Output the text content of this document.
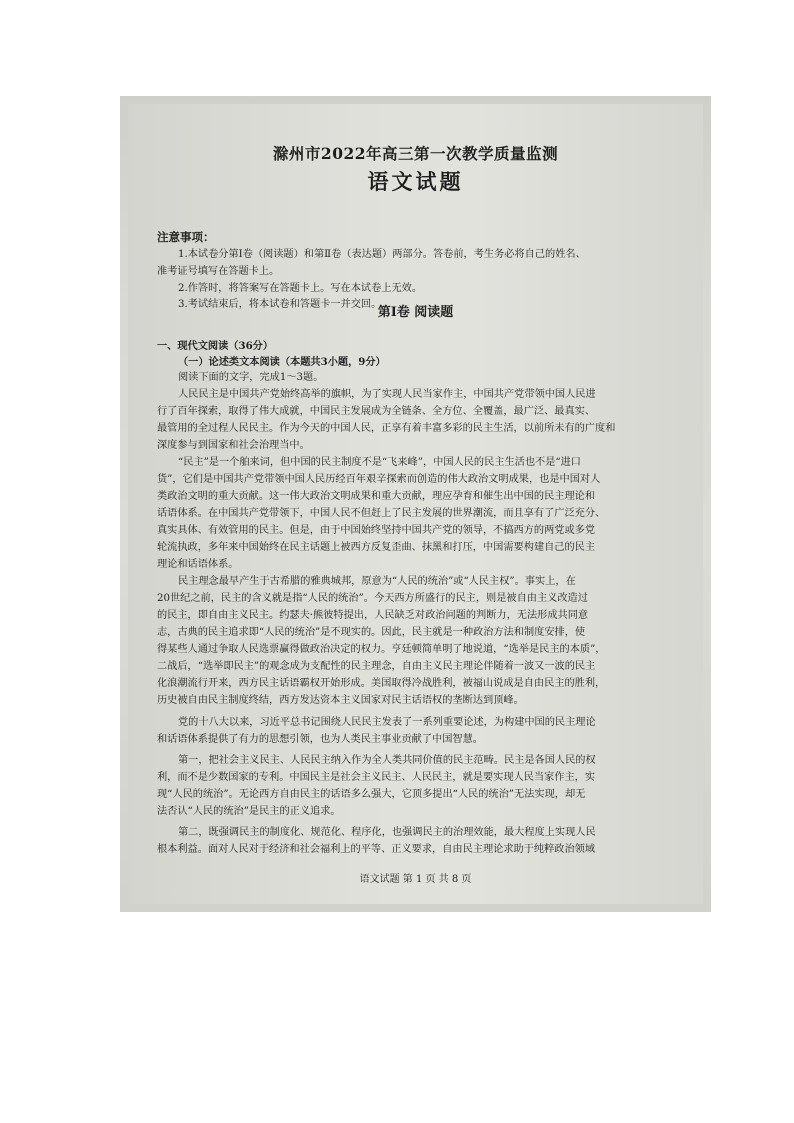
滁州市2022年高三第一次教学质量监测
语文试题
注意事项：
1.本试卷分第Ⅰ卷（阅读题）和第Ⅱ卷（表达题）两部分。答卷前，考生务必将自己的姓名、
准考证号填写在答题卡上。
2.作答时，将答案写在答题卡上。写在本试卷上无效。
3.考试结束后，将本试卷和答题卡一并交回。
第Ⅰ卷 阅读题
一、现代文阅读（36分）
（一）论述类文本阅读（本题共3小题，9分）
阅读下面的文字，完成1～3题。
人民民主是中国共产党始终高举的旗帜，为了实现人民当家作主，中国共产党带领中国人民进
行了百年探索，取得了伟大成就，中国民主发展成为全链条、全方位、全覆盖，最广泛、最真实、
最管用的全过程人民民主。作为今天的中国人民，正享有着丰富多彩的民主生活，以前所未有的广度和
深度参与到国家和社会治理当中。
“民主”是一个舶来词，但中国的民主制度不是“飞来峰”，中国人民的民主生活也不是“进口
货”，它们是中国共产党带领中国人民历经百年艰辛探索而创造的伟大政治文明成果，也是中国对人
类政治文明的重大贡献。这一伟大政治文明成果和重大贡献，理应孕育和催生出中国的民主理论和
话语体系。在中国共产党带领下，中国人民不但赶上了民主发展的世界潮流，而且享有了广泛充分、
真实具体、有效管用的民主。但是，由于中国始终坚持中国共产党的领导，不搞西方的两党或多党
轮流执政，多年来中国始终在民主话题上被西方反复歪曲、抹黑和打压，中国需要构建自己的民主
理论和话语体系。
民主理念最早产生于古希腊的雅典城邦，原意为“人民的统治”或“人民主权”。事实上，在
20世纪之前，民主的含义就是指“人民的统治”。今天西方所盛行的民主，则是被自由主义改造过
的民主，即自由主义民主。约瑟夫·熊彼特提出，人民缺乏对政治问题的判断力，无法形成共同意
志，古典的民主追求即“人民的统治”是不现实的。因此，民主就是一种政治方法和制度安排，使
得某些人通过争取人民选票赢得做政治决定的权力。亨廷顿简单明了地说道，“选举是民主的本质”，
二战后，“选举即民主”的观念成为支配性的民主理念，自由主义民主理论伴随着一波又一波的民主
化浪潮流行开来，西方民主话语霸权开始形成。美国取得冷战胜利，被福山说成是自由民主的胜利，
历史被自由民主制度终结，西方发达资本主义国家对民主话语权的垄断达到顶峰。
党的十八大以来，习近平总书记围绕人民民主发表了一系列重要论述，为构建中国的民主理论
和话语体系提供了有力的思想引领，也为人类民主事业贡献了中国智慧。
第一，把社会主义民主、人民民主纳入作为全人类共同价值的民主范畴。民主是各国人民的权
利，而不是少数国家的专利。中国民主是社会主义民主、人民民主，就是要实现人民当家作主，实
现“人民的统治”。无论西方自由民主的话语多么强大，它顶多提出“人民的统治”无法实现，却无
法否认“人民的统治”是民主的正义追求。
第二，既强调民主的制度化、规范化、程序化，也强调民主的治理效能，最大程度上实现人民
根本利益。面对人民对于经济和社会福利上的平等、正义要求，自由民主理论求助于纯粹政治领域
语文试题 第 1 页 共 8 页
